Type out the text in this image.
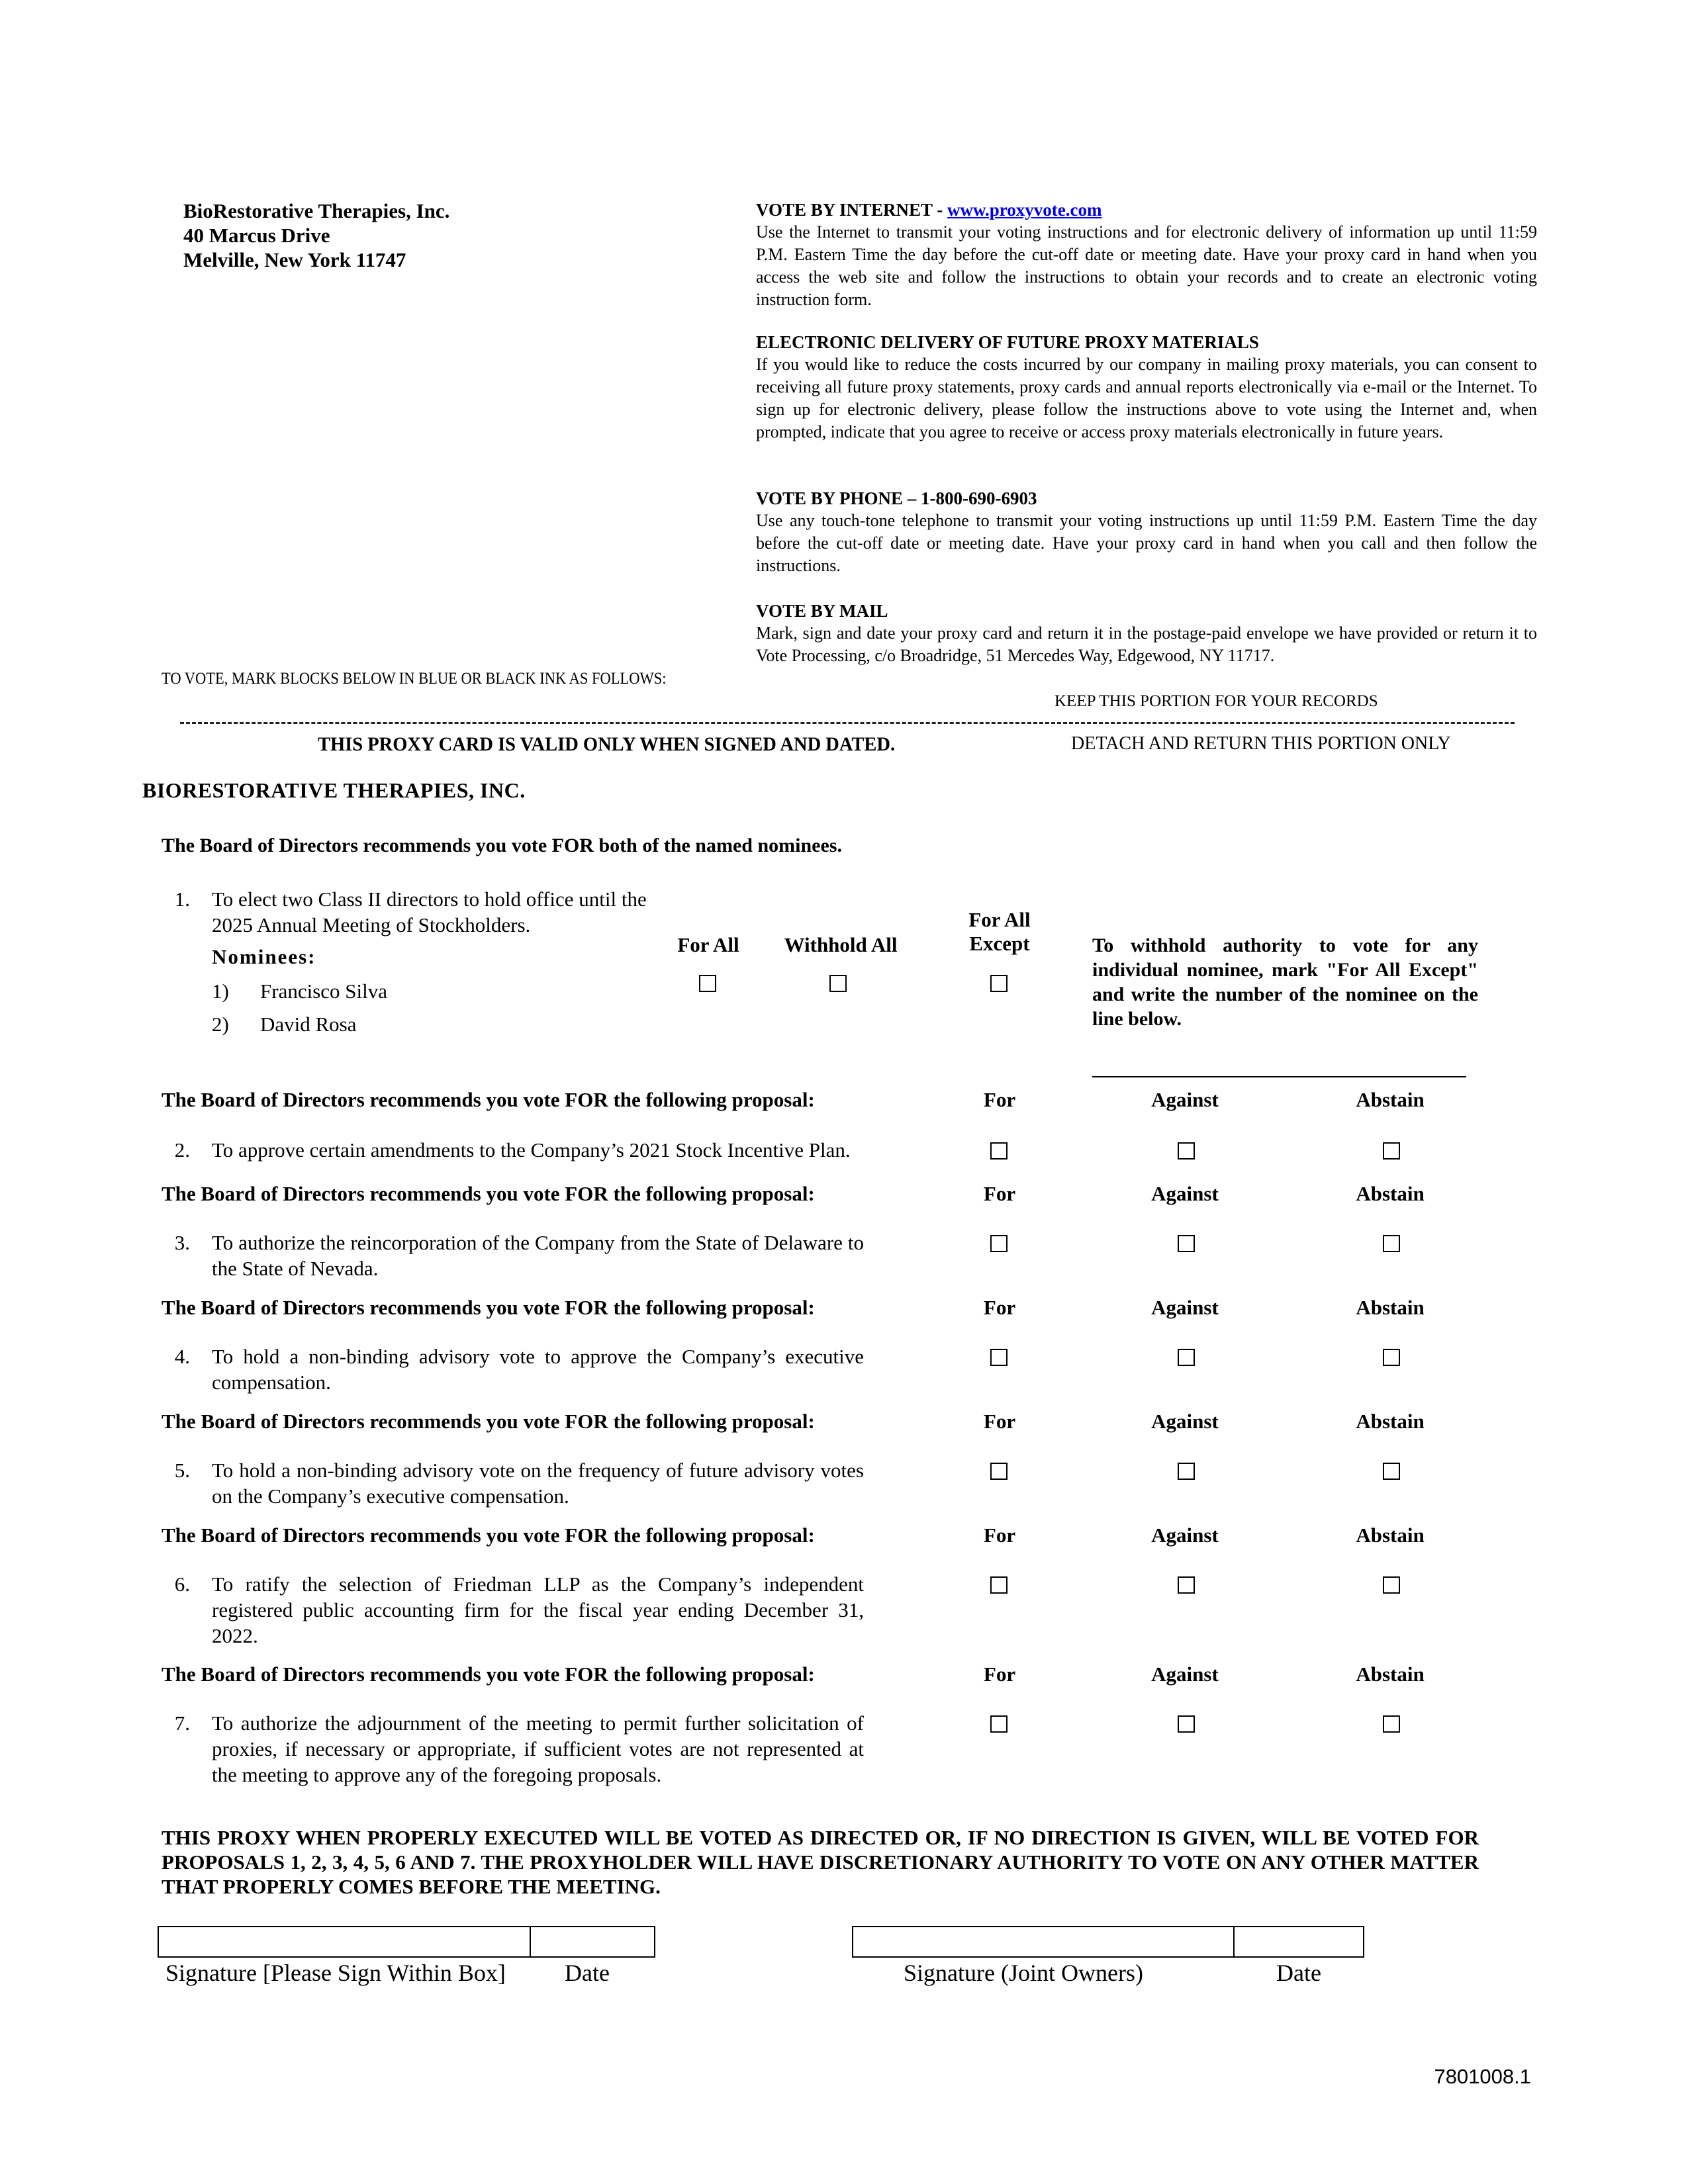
BioRestorative Therapies, Inc.
40 Marcus Drive
Melville, New York 11747
VOTE BY INTERNET - www.proxyvote.com
Use the Internet to transmit your voting instructions and for electronic delivery of information up until 11:59 P.M. Eastern Time the day before the cut-off date or meeting date. Have your proxy card in hand when you access the web site and follow the instructions to obtain your records and to create an electronic voting instruction form.
ELECTRONIC DELIVERY OF FUTURE PROXY MATERIALS
If you would like to reduce the costs incurred by our company in mailing proxy materials, you can consent to receiving all future proxy statements, proxy cards and annual reports electronically via e-mail or the Internet. To sign up for electronic delivery, please follow the instructions above to vote using the Internet and, when prompted, indicate that you agree to receive or access proxy materials electronically in future years.
VOTE BY PHONE – 1-800-690-6903
Use any touch-tone telephone to transmit your voting instructions up until 11:59 P.M. Eastern Time the day before the cut-off date or meeting date. Have your proxy card in hand when you call and then follow the instructions.
VOTE BY MAIL
Mark, sign and date your proxy card and return it in the postage-paid envelope we have provided or return it to Vote Processing, c/o Broadridge, 51 Mercedes Way, Edgewood, NY 11717.
TO VOTE, MARK BLOCKS BELOW IN BLUE OR BLACK INK AS FOLLOWS:
KEEP THIS PORTION FOR YOUR RECORDS
THIS PROXY CARD IS VALID ONLY WHEN SIGNED AND DATED.	DETACH AND RETURN THIS PORTION ONLY
BIORESTORATIVE THERAPIES, INC.
The Board of Directors recommends you vote FOR both of the named nominees.
1. To elect two Class II directors to hold office until the 2025 Annual Meeting of Stockholders.
Nominees:
1) Francisco Silva
2) David Rosa
For All	Withhold All
For All Except	To withhold authority to vote for any individual nominee, mark "For All Except" and write the number of the nominee on the line below.
The Board of Directors recommends you vote FOR the following proposal:	For	Against	Abstain
2. To approve certain amendments to the Company’s 2021 Stock Incentive Plan.
The Board of Directors recommends you vote FOR the following proposal:	For	Against	Abstain
3. To authorize the reincorporation of the Company from the State of Delaware to the State of Nevada.
The Board of Directors recommends you vote FOR the following proposal:	For	Against	Abstain
4. To hold a non-binding advisory vote to approve the Company’s executive compensation.
The Board of Directors recommends you vote FOR the following proposal:	For	Against	Abstain
5. To hold a non-binding advisory vote on the frequency of future advisory votes on the Company’s executive compensation.
The Board of Directors recommends you vote FOR the following proposal:	For	Against	Abstain
6. To ratify the selection of Friedman LLP as the Company’s independent registered public accounting firm for the fiscal year ending December 31, 2022.
The Board of Directors recommends you vote FOR the following proposal:	For	Against	Abstain
7. To authorize the adjournment of the meeting to permit further solicitation of proxies, if necessary or appropriate, if sufficient votes are not represented at the meeting to approve any of the foregoing proposals.
THIS PROXY WHEN PROPERLY EXECUTED WILL BE VOTED AS DIRECTED OR, IF NO DIRECTION IS GIVEN, WILL BE VOTED FOR PROPOSALS 1, 2, 3, 4, 5, 6 AND 7. THE PROXYHOLDER WILL HAVE DISCRETIONARY AUTHORITY TO VOTE ON ANY OTHER MATTER THAT PROPERLY COMES BEFORE THE MEETING.
Signature [Please Sign Within Box] Date	Signature (Joint Owners)	Date
7801008.1
